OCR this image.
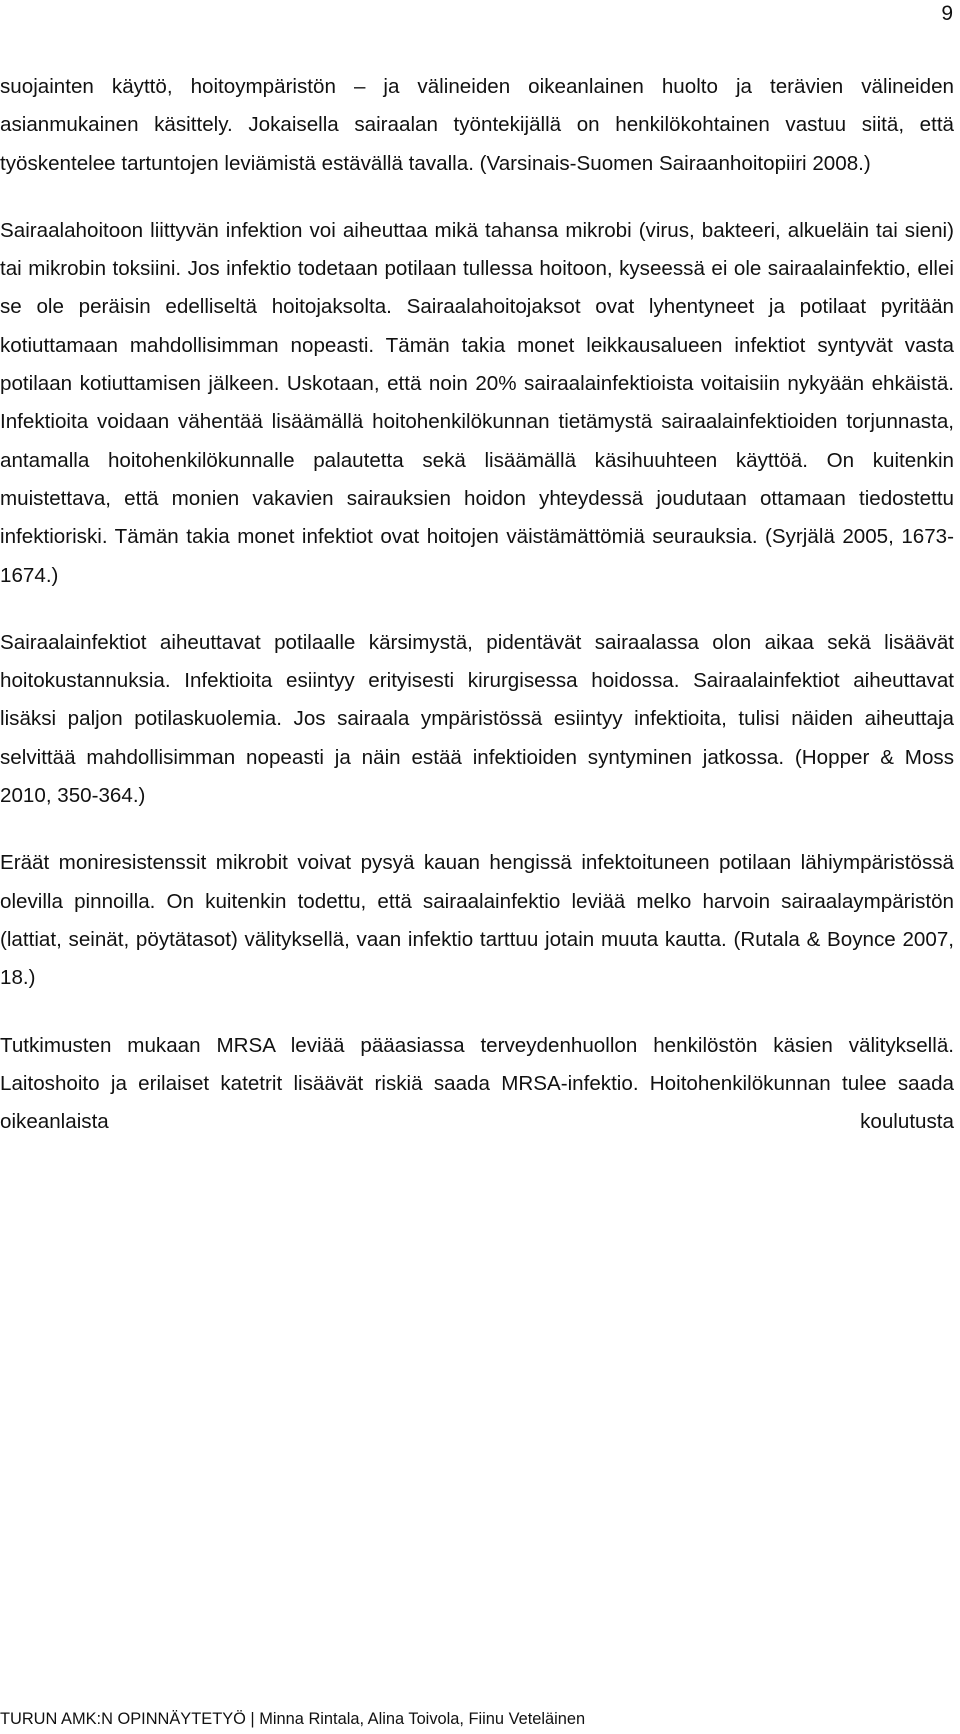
9

suojainten käyttö, hoitoympäristön – ja välineiden oikeanlainen huolto ja terävien välineiden asianmukainen käsittely. Jokaisella sairaalan työntekijällä on henkilökohtainen vastuu siitä, että työskentelee tartuntojen leviämistä estävällä tavalla. (Varsinais-Suomen Sairaanhoitopiiri 2008.)

Sairaalahoitoon liittyvän infektion voi aiheuttaa mikä tahansa mikrobi (virus, bakteeri, alkueläin tai sieni) tai mikrobin toksiini. Jos infektio todetaan potilaan tullessa hoitoon, kyseessä ei ole sairaalainfektio, ellei se ole peräisin edelliseltä hoitojaksolta. Sairaalahoitojaksot ovat lyhentyneet ja potilaat pyritään kotiuttamaan mahdollisimman nopeasti. Tämän takia monet leikkausalueen infektiot syntyvät vasta potilaan kotiuttamisen jälkeen. Uskotaan, että noin 20% sairaalainfektioista voitaisiin nykyään ehkäistä. Infektioita voidaan vähentää lisäämällä hoitohenkilökunnan tietämystä sairaalainfektioiden torjunnasta, antamalla hoitohenkilökunnalle palautetta sekä lisäämällä käsihuuhteen käyttöä. On kuitenkin muistettava, että monien vakavien sairauksien hoidon yhteydessä joudutaan ottamaan tiedostettu infektioriski. Tämän takia monet infektiot ovat hoitojen väistämättömiä seurauksia. (Syrjälä 2005, 1673-1674.)

Sairaalainfektiot aiheuttavat potilaalle kärsimystä, pidentävät sairaalassa olon aikaa sekä lisäävät hoitokustannuksia. Infektioita esiintyy erityisesti kirurgisessa hoidossa. Sairaalainfektiot aiheuttavat lisäksi paljon potilaskuolemia. Jos sairaala ympäristössä esiintyy infektioita, tulisi näiden aiheuttaja selvittää mahdollisimman nopeasti ja näin estää infektioiden syntyminen jatkossa. (Hopper & Moss 2010, 350-364.)

Eräät moniresistenssit mikrobit voivat pysyä kauan hengissä infektoituneen potilaan lähiympäristössä olevilla pinnoilla. On kuitenkin todettu, että sairaalainfektio leviää melko harvoin sairaalaympäristön (lattiat, seinät, pöytätasot) välityksellä, vaan infektio tarttuu jotain muuta kautta. (Rutala & Boynce 2007, 18.)

Tutkimusten mukaan MRSA leviää pääasiassa terveydenhuollon henkilöstön käsien välityksellä. Laitoshoito ja erilaiset katetrit lisäävät riskiä saada MRSA-infektio. Hoitohenkilökunnan tulee saada oikeanlaista koulutusta

TURUN AMK:N OPINNÄYTETYÖ | Minna Rintala, Alina Toivola, Fiinu Veteläinen
